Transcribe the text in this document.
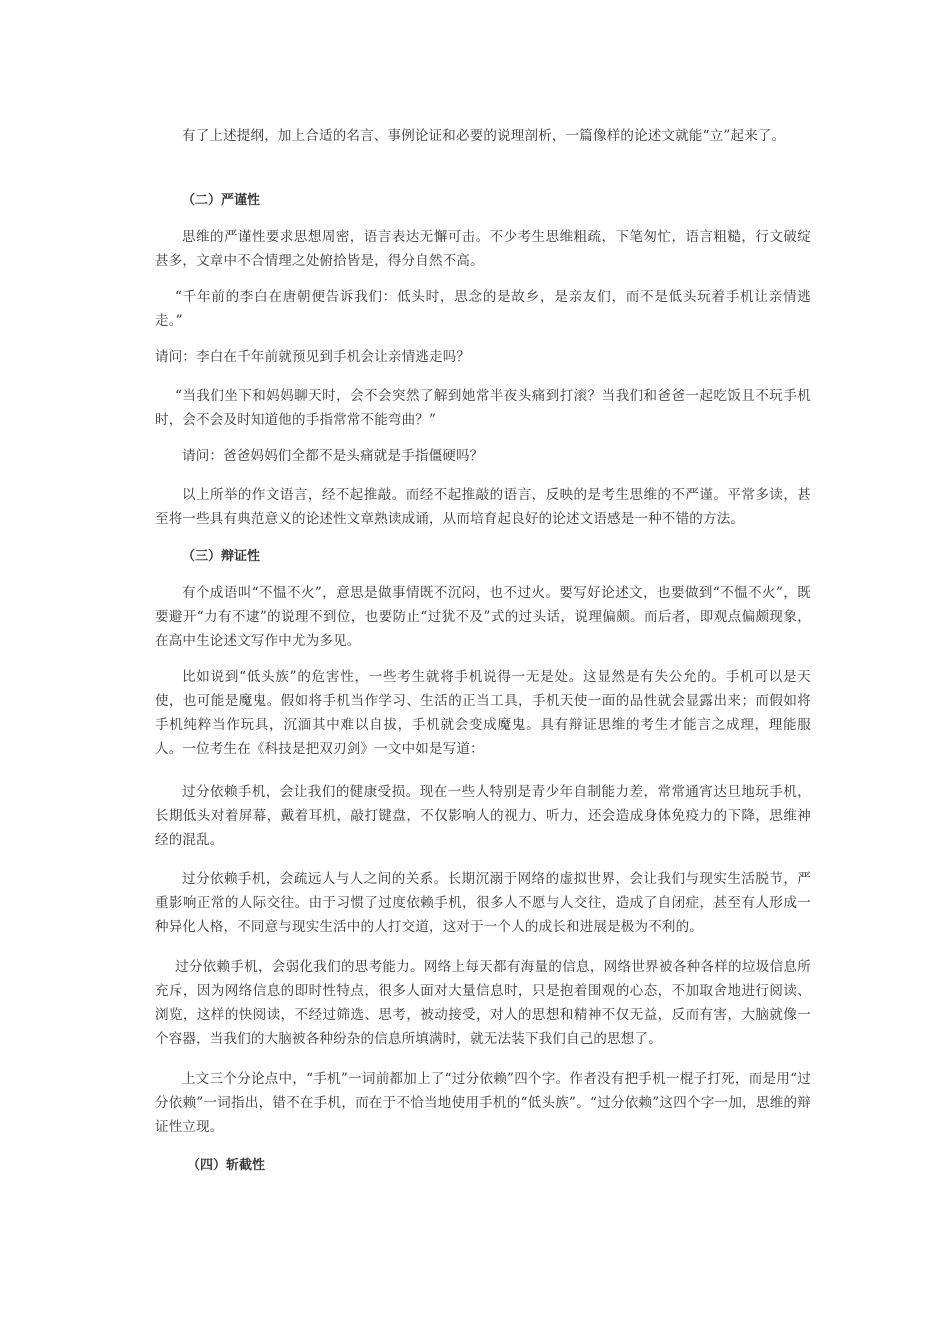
有了上述提纲，加上合适的名言、事例论证和必要的说理剖析，一篇像样的论述文就能“立”起来了。

（二）严谨性

思维的严谨性要求思想周密，语言表达无懈可击。不少考生思维粗疏，下笔匆忙，语言粗糙，行文破绽甚多，文章中不合情理之处俯拾皆是，得分自然不高。

“千年前的李白在唐朝便告诉我们：低头时，思念的是故乡，是亲友们，而不是低头玩着手机让亲情逃走。”

请问：李白在千年前就预见到手机会让亲情逃走吗？

“当我们坐下和妈妈聊天时，会不会突然了解到她常半夜头痛到打滚？当我们和爸爸一起吃饭且不玩手机时，会不会及时知道他的手指常常不能弯曲？”

请问：爸爸妈妈们全都不是头痛就是手指僵硬吗？

以上所举的作文语言，经不起推敲。而经不起推敲的语言，反映的是考生思维的不严谨。平常多读，甚至将一些具有典范意义的论述性文章熟读成诵，从而培育起良好的论述文语感是一种不错的方法。

（三）辩证性

有个成语叫“不愠不火”，意思是做事情既不沉闷，也不过火。要写好论述文，也要做到“不愠不火”，既要避开“力有不逮”的说理不到位，也要防止“过犹不及”式的过头话，说理偏颇。而后者，即观点偏颇现象，在高中生论述文写作中尤为多见。

比如说到“低头族”的危害性，一些考生就将手机说得一无是处。这显然是有失公允的。手机可以是天使，也可能是魔鬼。假如将手机当作学习、生活的正当工具，手机天使一面的品性就会显露出来；而假如将手机纯粹当作玩具，沉湎其中难以自拔，手机就会变成魔鬼。具有辩证思维的考生才能言之成理，理能服人。一位考生在《科技是把双刃剑》一文中如是写道：

过分依赖手机，会让我们的健康受损。现在一些人特别是青少年自制能力差，常常通宵达旦地玩手机，长期低头对着屏幕，戴着耳机，敲打键盘，不仅影响人的视力、听力，还会造成身体免疫力的下降，思维神经的混乱。

过分依赖手机，会疏远人与人之间的关系。长期沉溺于网络的虚拟世界，会让我们与现实生活脱节，严重影响正常的人际交往。由于习惯了过度依赖手机，很多人不愿与人交往，造成了自闭症，甚至有人形成一种异化人格，不同意与现实生活中的人打交道，这对于一个人的成长和进展是极为不利的。

过分依赖手机，会弱化我们的思考能力。网络上每天都有海量的信息，网络世界被各种各样的垃圾信息所充斥，因为网络信息的即时性特点，很多人面对大量信息时，只是抱着围观的心态，不加取舍地进行阅读、浏览，这样的快阅读，不经过筛选、思考，被动接受，对人的思想和精神不仅无益，反而有害，大脑就像一个容器，当我们的大脑被各种纷杂的信息所填满时，就无法装下我们自己的思想了。

上文三个分论点中，“手机”一词前都加上了“过分依赖”四个字。作者没有把手机一棍子打死，而是用“过分依赖”一词指出，错不在手机，而在于不恰当地使用手机的“低头族”。“过分依赖”这四个字一加，思维的辩证性立现。

（四）斩截性
